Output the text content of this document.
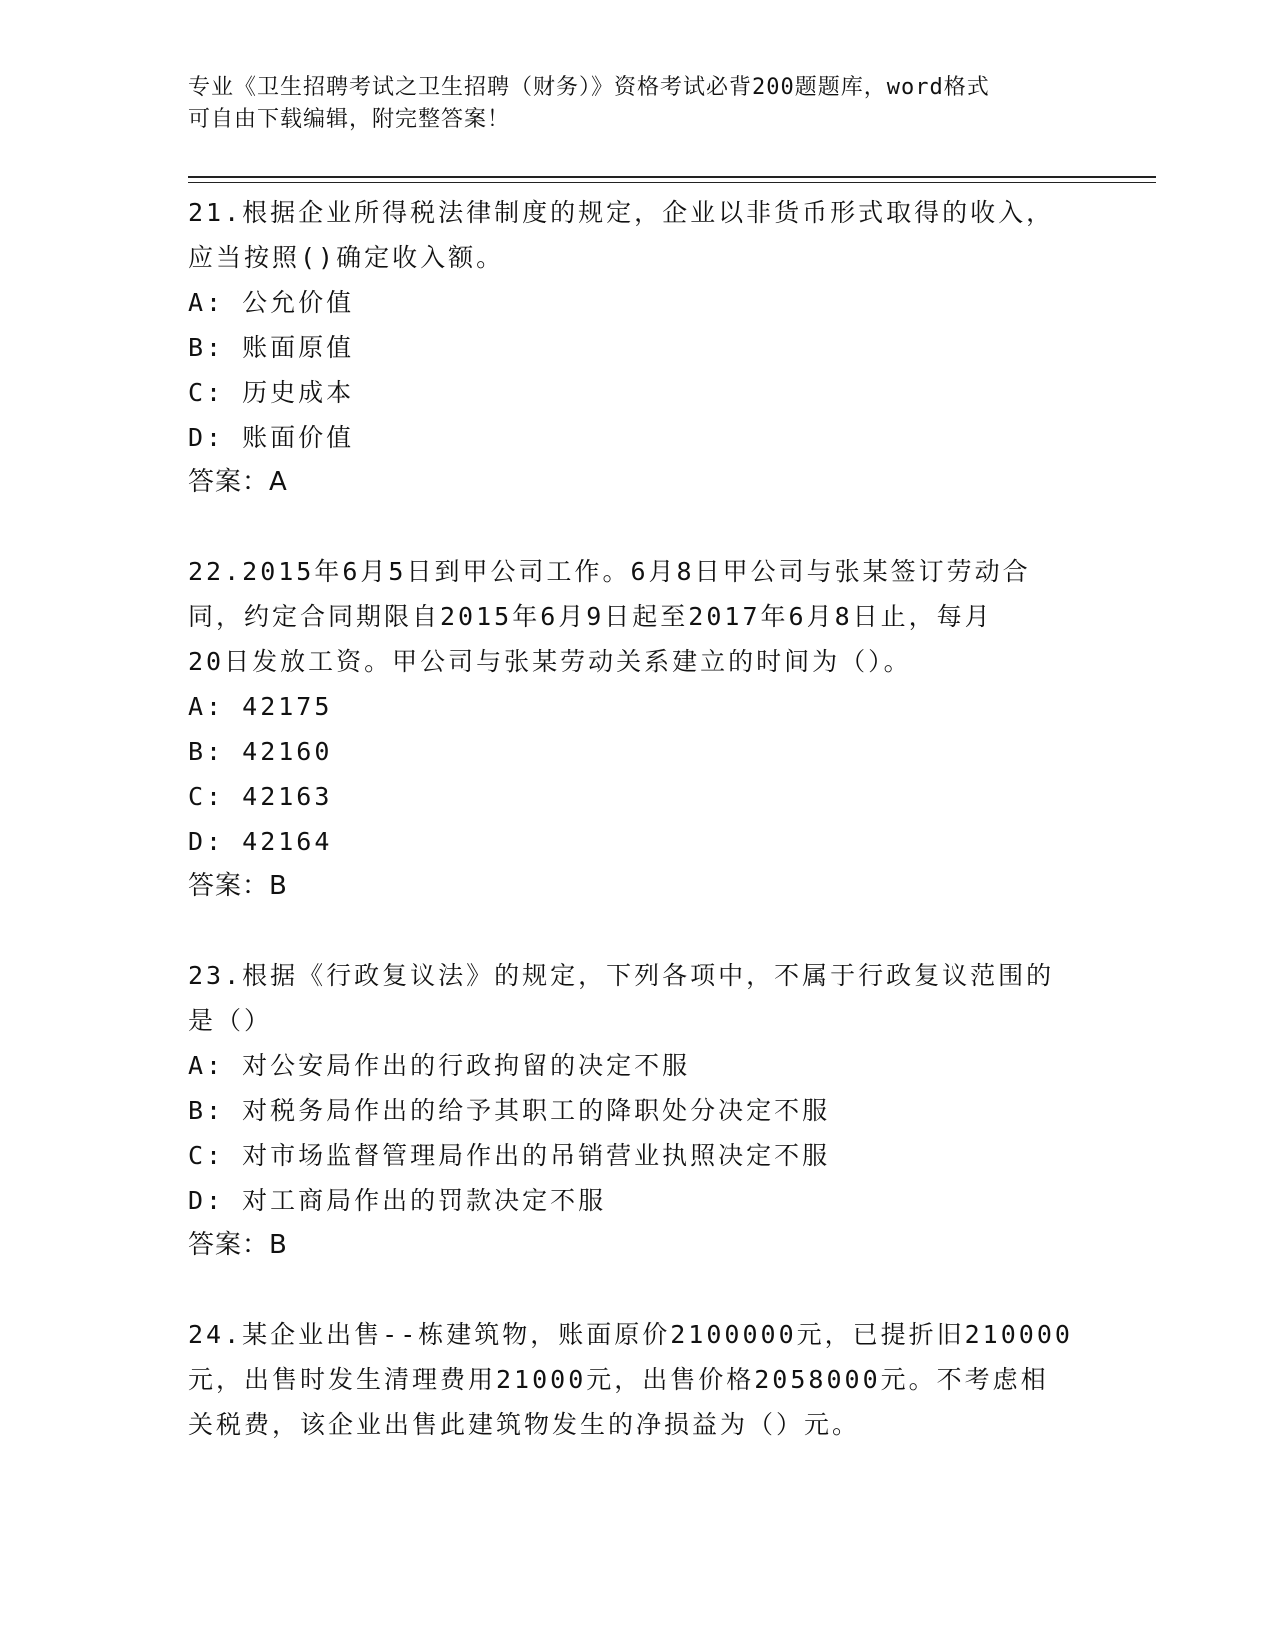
专业《卫生招聘考试之卫生招聘（财务）》资格考试必背200题题库，word格式
可自由下载编辑，附完整答案！
21.根据企业所得税法律制度的规定，企业以非货币形式取得的收入，
应当按照()确定收入额。
A: 公允价值
B: 账面原值
C: 历史成本
D: 账面价值
答案：A
22.2015年6月5日到甲公司工作。6月8日甲公司与张某签订劳动合
同，约定合同期限自2015年6月9日起至2017年6月8日止，每月
20日发放工资。甲公司与张某劳动关系建立的时间为（）。
A: 42175
B: 42160
C: 42163
D: 42164
答案：B
23.根据《行政复议法》的规定，下列各项中，不属于行政复议范围的
是（）
A: 对公安局作出的行政拘留的决定不服
B: 对税务局作出的给予其职工的降职处分决定不服
C: 对市场监督管理局作出的吊销营业执照决定不服
D: 对工商局作出的罚款决定不服
答案：B
24.某企业出售--栋建筑物，账面原价2100000元，已提折旧210000
元，出售时发生清理费用21000元，出售价格2058000元。不考虑相
关税费，该企业出售此建筑物发生的净损益为（）元。
